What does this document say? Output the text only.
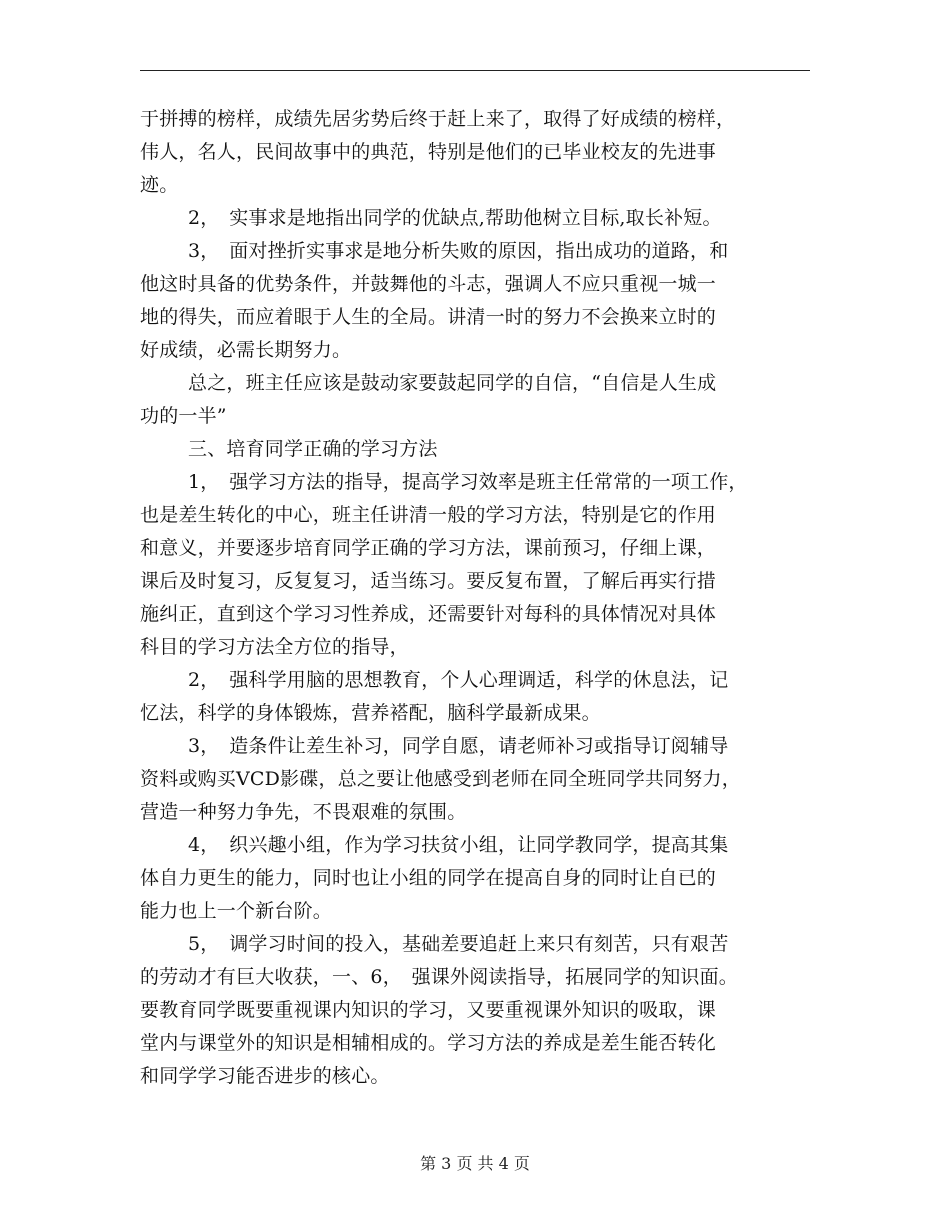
于拼搏的榜样，成绩先居劣势后终于赶上来了，取得了好成绩的榜样，
伟人，名人，民间故事中的典范，特别是他们的已毕业校友的先进事
迹。
2，　实事求是地指出同学的优缺点,帮助他树立目标,取长补短。
3，　面对挫折实事求是地分析失败的原因，指出成功的道路，和
他这时具备的优势条件，并鼓舞他的斗志，强调人不应只重视一城一
地的得失，而应着眼于人生的全局。讲清一时的努力不会换来立时的
好成绩，必需长期努力。
总之，班主任应该是鼓动家要鼓起同学的自信，“自信是人生成
功的一半”
三、培育同学正确的学习方法
1，　强学习方法的指导，提高学习效率是班主任常常的一项工作，
也是差生转化的中心，班主任讲清一般的学习方法，特别是它的作用
和意义，并要逐步培育同学正确的学习方法，课前预习，仔细上课，
课后及时复习，反复复习，适当练习。要反复布置，了解后再实行措
施纠正，直到这个学习习性养成，还需要针对每科的具体情况对具体
科目的学习方法全方位的指导，
2，　强科学用脑的思想教育，个人心理调适，科学的休息法，记
忆法，科学的身体锻炼，营养褡配，脑科学最新成果。
3，　造条件让差生补习，同学自愿，请老师补习或指导订阅辅导
资料或购买VCD影碟，总之要让他感受到老师在同全班同学共同努力，
营造一种努力争先，不畏艰难的氛围。
4，　织兴趣小组，作为学习扶贫小组，让同学教同学，提高其集
体自力更生的能力，同时也让小组的同学在提高自身的同时让自已的
能力也上一个新台阶。
5，　调学习时间的投入，基础差要追赶上来只有刻苦，只有艰苦
的劳动才有巨大收获，一、6，　强课外阅读指导，拓展同学的知识面。
要教育同学既要重视课内知识的学习，又要重视课外知识的吸取，课
堂内与课堂外的知识是相辅相成的。学习方法的养成是差生能否转化
和同学学习能否进步的核心。
第 3 页 共 4 页
